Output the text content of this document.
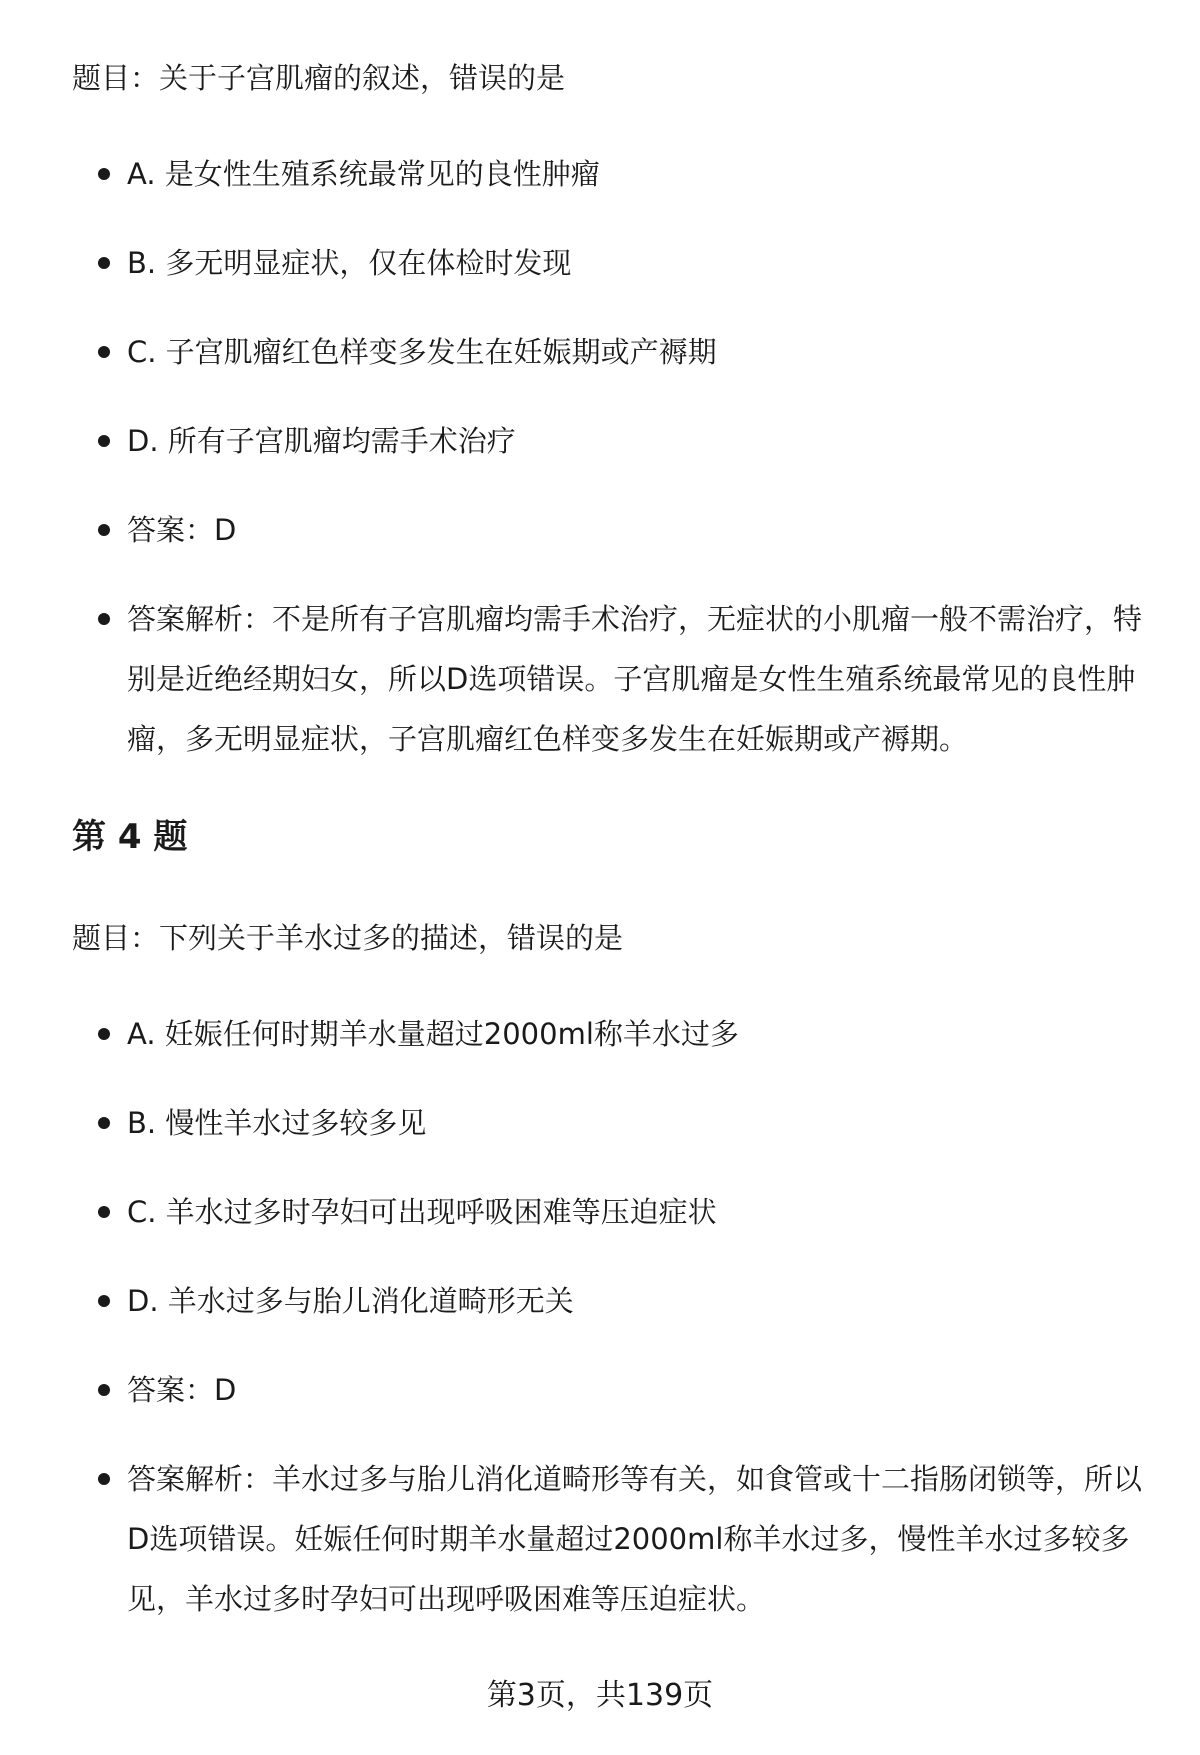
题目：关于子宫肌瘤的叙述，错误的是
A. 是女性生殖系统最常见的良性肿瘤
B. 多无明显症状，仅在体检时发现
C. 子宫肌瘤红色样变多发生在妊娠期或产褥期
D. 所有子宫肌瘤均需手术治疗
答案：D
答案解析：不是所有子宫肌瘤均需手术治疗，无症状的小肌瘤一般不需治疗，特别是近绝经期妇女，所以D选项错误。子宫肌瘤是女性生殖系统最常见的良性肿瘤，多无明显症状，子宫肌瘤红色样变多发生在妊娠期或产褥期。
第 4 题
题目：下列关于羊水过多的描述，错误的是
A. 妊娠任何时期羊水量超过2000ml称羊水过多
B. 慢性羊水过多较多见
C. 羊水过多时孕妇可出现呼吸困难等压迫症状
D. 羊水过多与胎儿消化道畸形无关
答案：D
答案解析：羊水过多与胎儿消化道畸形等有关，如食管或十二指肠闭锁等，所以D选项错误。妊娠任何时期羊水量超过2000ml称羊水过多，慢性羊水过多较多见，羊水过多时孕妇可出现呼吸困难等压迫症状。
第3页，共139页
